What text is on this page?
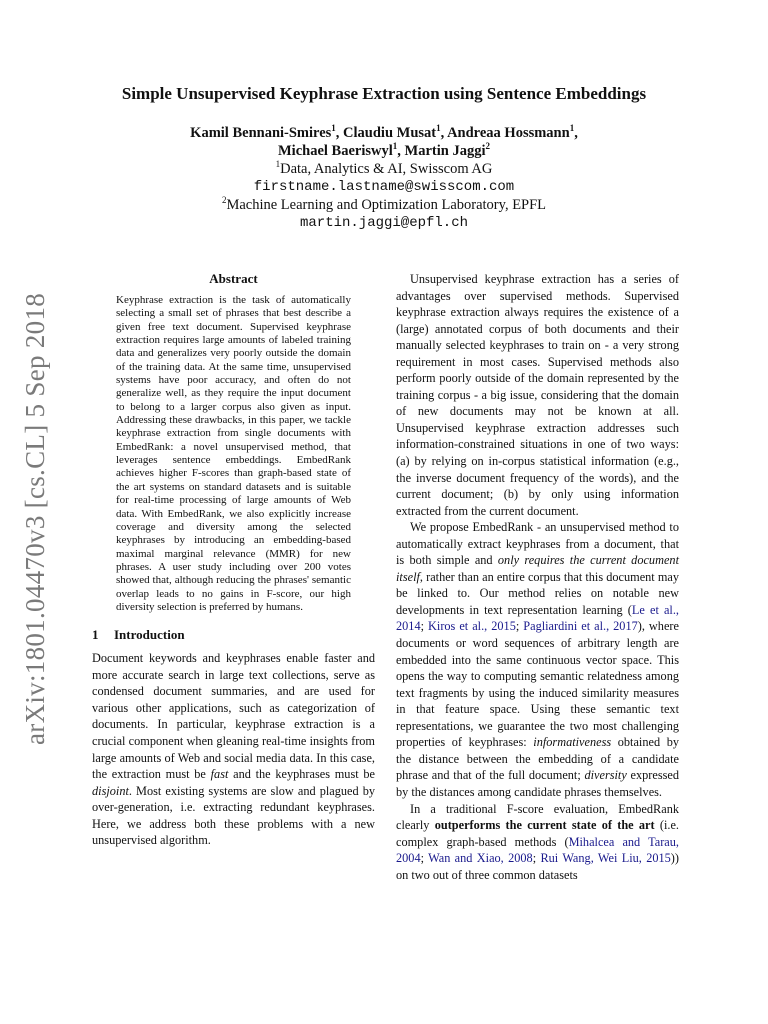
arXiv:1801.04470v3 [cs.CL] 5 Sep 2018
Simple Unsupervised Keyphrase Extraction using Sentence Embeddings
Kamil Bennani-Smires$^1$, Claudiu Musat$^1$, Andreaa Hossmann$^1$,
Michael Baeriswyl$^1$, Martin Jaggi$^2$
$^1$Data, Analytics & AI, Swisscom AG
firstname.lastname@swisscom.com
$^2$Machine Learning and Optimization Laboratory, EPFL
martin.jaggi@epfl.ch
Abstract

Keyphrase extraction is the task of automatically selecting a small set of phrases that best describe a given free text document. Supervised keyphrase extraction requires large amounts of labeled training data and generalizes very poorly outside the domain of the training data. At the same time, unsupervised systems have poor accuracy, and often do not generalize well, as they require the input document to belong to a larger corpus also given as input. Addressing these drawbacks, in this paper, we tackle keyphrase extraction from single documents with EmbedRank: a novel unsupervised method, that leverages sentence embeddings. EmbedRank achieves higher F-scores than graph-based state of the art systems on standard datasets and is suitable for real-time processing of large amounts of Web data. With EmbedRank, we also explicitly increase coverage and diversity among the selected keyphrases by introducing an embedding-based maximal marginal relevance (MMR) for new phrases. A user study including over 200 votes showed that, although reducing the phrases' semantic overlap leads to no gains in F-score, our high diversity selection is preferred by humans.

1 Introduction

Document keywords and keyphrases enable faster and more accurate search in large text collections, serve as condensed document summaries, and are used for various other applications, such as categorization of documents. In particular, keyphrase extraction is a crucial component when gleaning real-time insights from large amounts of Web and social media data. In this case, the extraction must be fast and the keyphrases must be disjoint. Most existing systems are slow and plagued by over-generation, i.e. extracting redundant keyphrases. Here, we address both these problems with a new unsupervised algorithm.

Unsupervised keyphrase extraction has a series of advantages over supervised methods. Supervised keyphrase extraction always requires the existence of a (large) annotated corpus of both documents and their manually selected keyphrases to train on - a very strong requirement in most cases. Supervised methods also perform poorly outside of the domain represented by the training corpus - a big issue, considering that the domain of new documents may not be known at all. Unsupervised keyphrase extraction addresses such information-constrained situations in one of two ways: (a) by relying on in-corpus statistical information (e.g., the inverse document frequency of the words), and the current document; (b) by only using information extracted from the current document.

We propose EmbedRank - an unsupervised method to automatically extract keyphrases from a document, that is both simple and only requires the current document itself, rather than an entire corpus that this document may be linked to. Our method relies on notable new developments in text representation learning (Le et al., 2014; Kiros et al., 2015; Pagliardini et al., 2017), where documents or word sequences of arbitrary length are embedded into the same continuous vector space. This opens the way to computing semantic relatedness among text fragments by using the induced similarity measures in that feature space. Using these semantic text representations, we guarantee the two most challenging properties of keyphrases: informativeness obtained by the distance between the embedding of a candidate phrase and that of the full document; diversity expressed by the distances among candidate phrases themselves.

In a traditional F-score evaluation, EmbedRank clearly outperforms the current state of the art (i.e. complex graph-based methods (Mihalcea and Tarau, 2004; Wan and Xiao, 2008; Rui Wang, Wei Liu, 2015)) on two out of three common datasets
